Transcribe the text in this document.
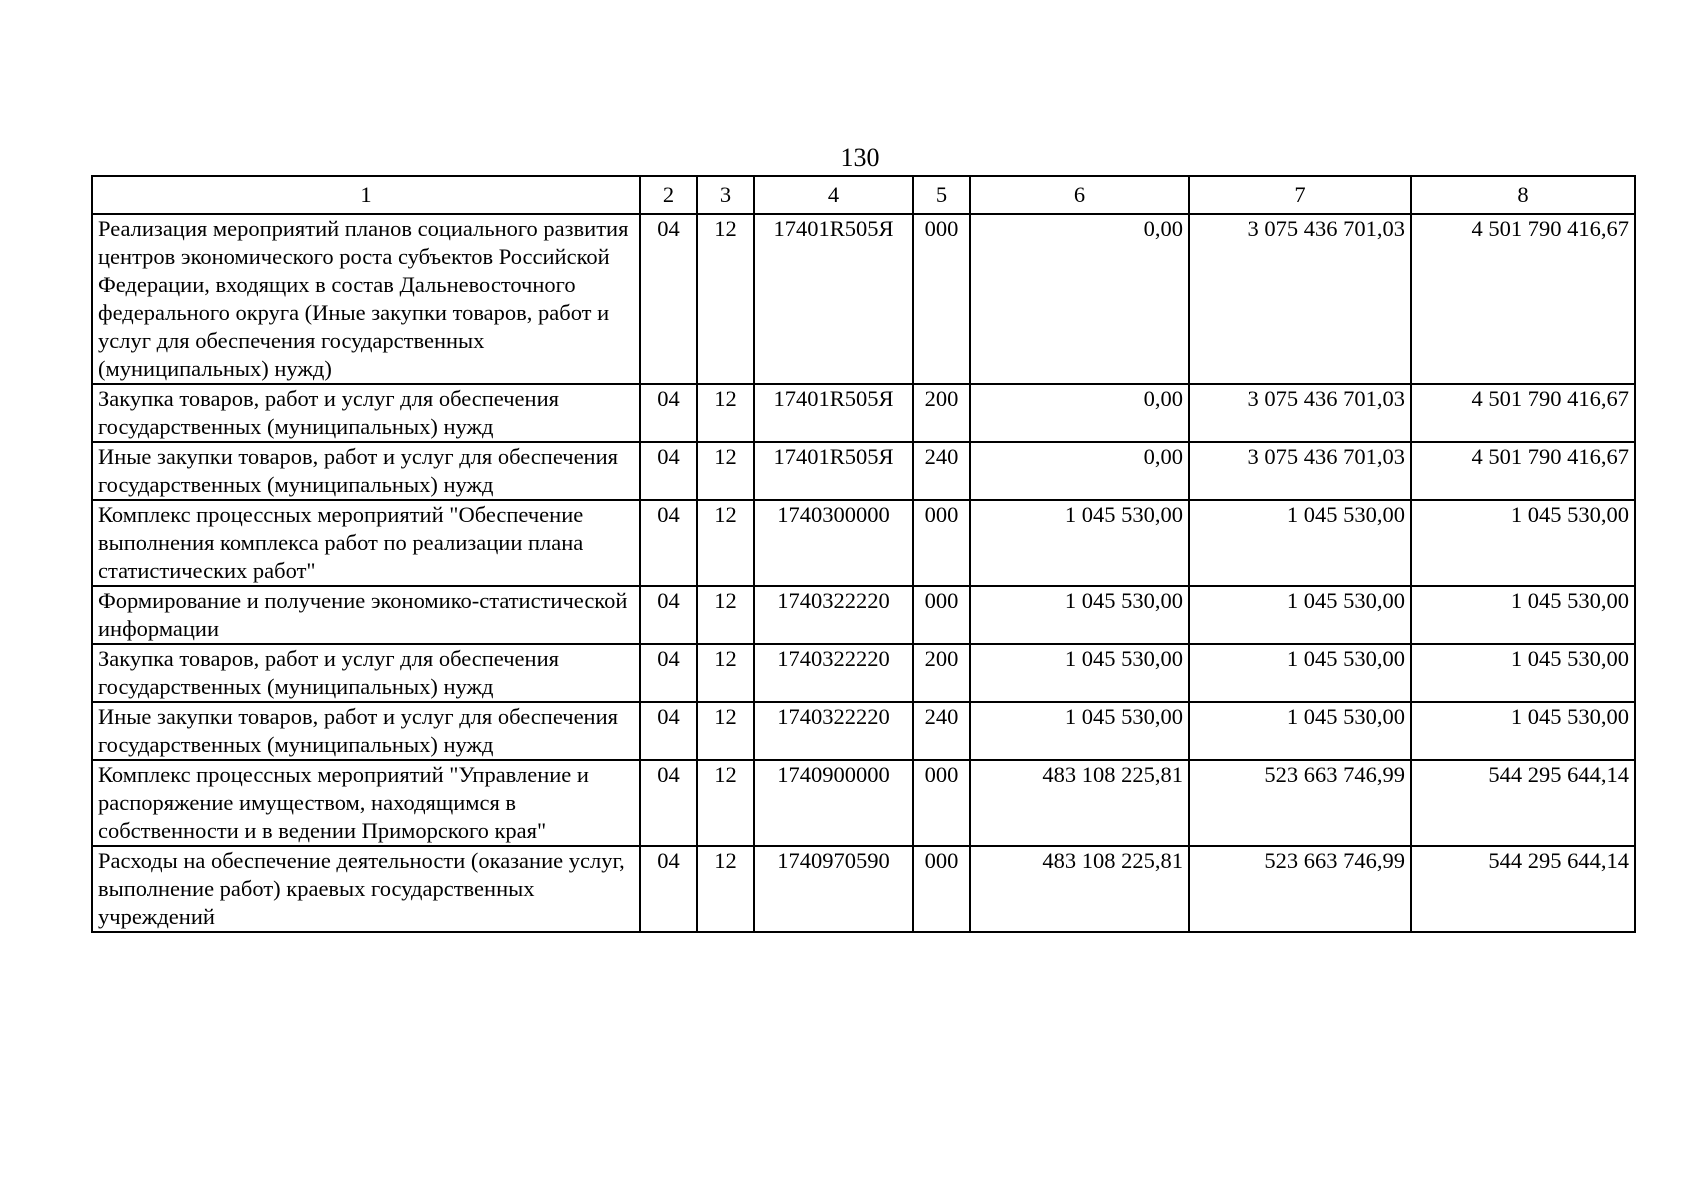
130
1	2	3	4	5	6	7	8
Реализация мероприятий планов социального развития центров экономического роста субъектов Российской Федерации, входящих в состав Дальневосточного федерального округа (Иные закупки товаров, работ и услуг для обеспечения государственных (муниципальных) нужд)	04	12	17401R505Я	000	0,00	3 075 436 701,03	4 501 790 416,67
Закупка товаров, работ и услуг для обеспечения государственных (муниципальных) нужд	04	12	17401R505Я	200	0,00	3 075 436 701,03	4 501 790 416,67
Иные закупки товаров, работ и услуг для обеспечения государственных (муниципальных) нужд	04	12	17401R505Я	240	0,00	3 075 436 701,03	4 501 790 416,67
Комплекс процессных мероприятий "Обеспечение выполнения комплекса работ по реализации плана статистических работ"	04	12	1740300000	000	1 045 530,00	1 045 530,00	1 045 530,00
Формирование и получение экономико-статистической информации	04	12	1740322220	000	1 045 530,00	1 045 530,00	1 045 530,00
Закупка товаров, работ и услуг для обеспечения государственных (муниципальных) нужд	04	12	1740322220	200	1 045 530,00	1 045 530,00	1 045 530,00
Иные закупки товаров, работ и услуг для обеспечения государственных (муниципальных) нужд	04	12	1740322220	240	1 045 530,00	1 045 530,00	1 045 530,00
Комплекс процессных мероприятий "Управление и распоряжение имуществом, находящимся в собственности и в ведении Приморского края"	04	12	1740900000	000	483 108 225,81	523 663 746,99	544 295 644,14
Расходы на обеспечение деятельности (оказание услуг, выполнение работ) краевых государственных учреждений	04	12	1740970590	000	483 108 225,81	523 663 746,99	544 295 644,14
